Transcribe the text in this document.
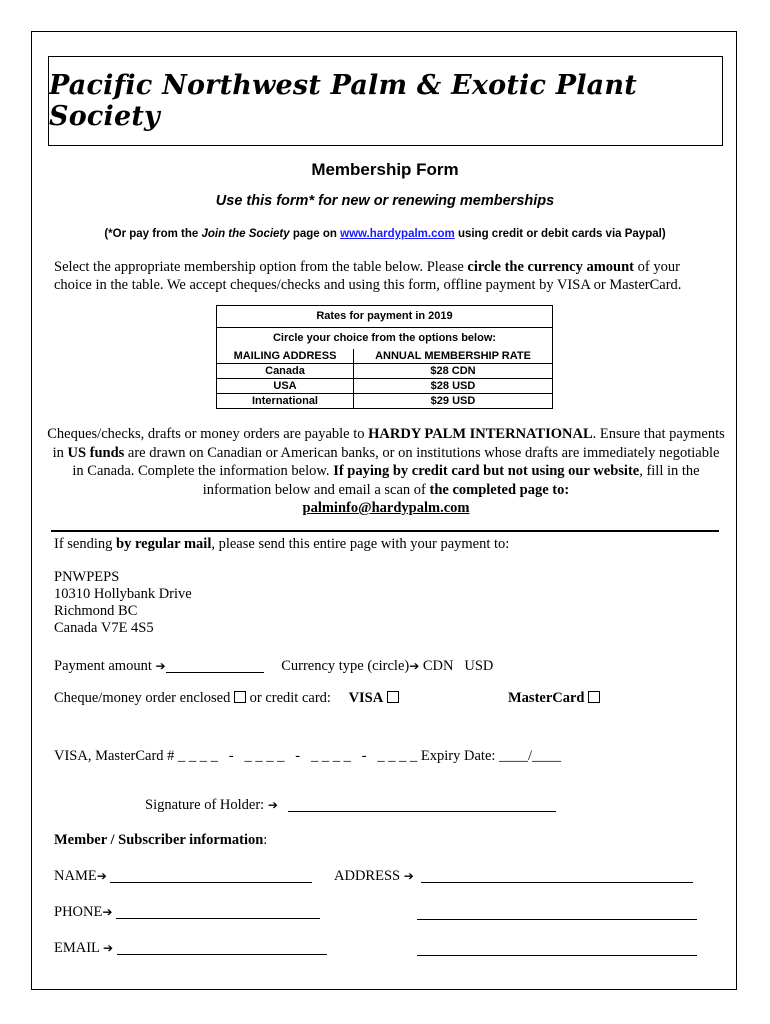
Pacific Northwest Palm & Exotic Plant Society
Membership Form
Use this form* for new or renewing memberships
(*Or pay from the Join the Society page on www.hardypalm.com using credit or debit cards via Paypal)
Select the appropriate membership option from the table below. Please circle the currency amount of your choice in the table. We accept cheques/checks and using this form, offline payment by VISA or MasterCard.
Rates for payment in 2019	
Circle your choice from the options below:	
MAILING ADDRESS	ANNUAL MEMBERSHIP RATE
Canada	$28 CDN
USA	$28 USD
International	$29 USD
Cheques/checks, drafts or money orders are payable to HARDY PALM INTERNATIONAL. Ensure that payments in US funds are drawn on Canadian or American banks, or on institutions whose drafts are immediately negotiable in Canada. Complete the information below. If paying by credit card but not using our website, fill in the information below and email a scan of the completed page to:
palminfo@hardypalm.com
If sending by regular mail, please send this entire page with your payment to:
PNWPEPS
10310 Hollybank Drive
Richmond BC
Canada V7E 4S5
Payment amount ➔	Currency type (circle)➔ CDN   USD
Cheque/money order enclosed  or credit card: VISA	MasterCard
VISA, MasterCard # _ _ _ _   -   _ _ _ _   -   _ _ _ _   -   _ _ _ _ Expiry Date: ____/____
Signature of Holder: ➔
Member / Subscriber information:
NAME➔	ADDRESS ➔
PHONE➔
EMAIL ➔
